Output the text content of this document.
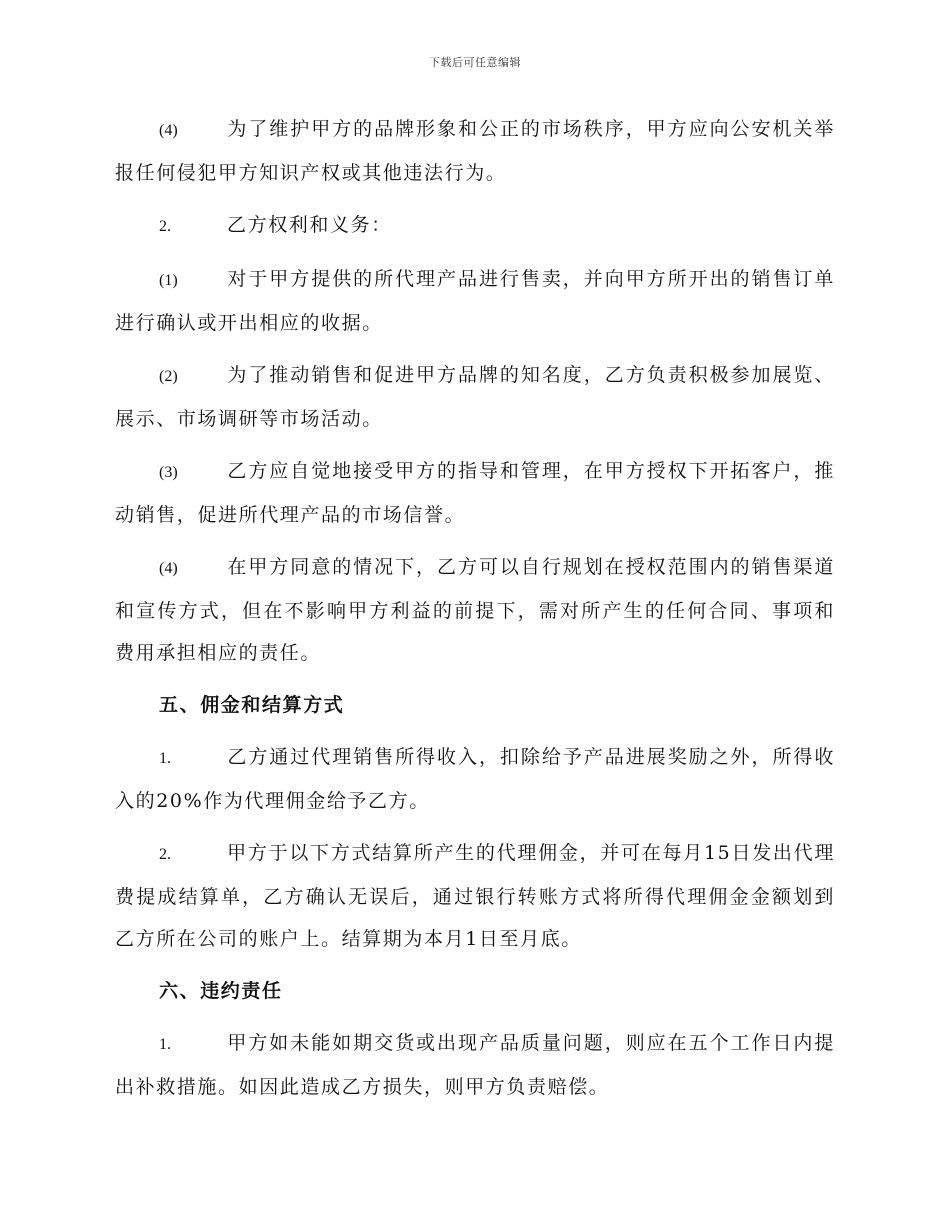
下载后可任意编辑

(4)	为了维护甲方的品牌形象和公正的市场秩序，甲方应向公安机关举报任何侵犯甲方知识产权或其他违法行为。

2.	乙方权利和义务：

(1)	对于甲方提供的所代理产品进行售卖，并向甲方所开出的销售订单进行确认或开出相应的收据。

(2)	为了推动销售和促进甲方品牌的知名度，乙方负责积极参加展览、展示、市场调研等市场活动。

(3)	乙方应自觉地接受甲方的指导和管理，在甲方授权下开拓客户，推动销售，促进所代理产品的市场信誉。

(4)	在甲方同意的情况下，乙方可以自行规划在授权范围内的销售渠道和宣传方式，但在不影响甲方利益的前提下，需对所产生的任何合同、事项和费用承担相应的责任。

五、佣金和结算方式

1.	乙方通过代理销售所得收入，扣除给予产品进展奖励之外，所得收入的20%作为代理佣金给予乙方。

2.	甲方于以下方式结算所产生的代理佣金，并可在每月15日发出代理费提成结算单，乙方确认无误后，通过银行转账方式将所得代理佣金金额划到乙方所在公司的账户上。结算期为本月1日至月底。

六、违约责任

1.	甲方如未能如期交货或出现产品质量问题，则应在五个工作日内提出补救措施。如因此造成乙方损失，则甲方负责赔偿。
